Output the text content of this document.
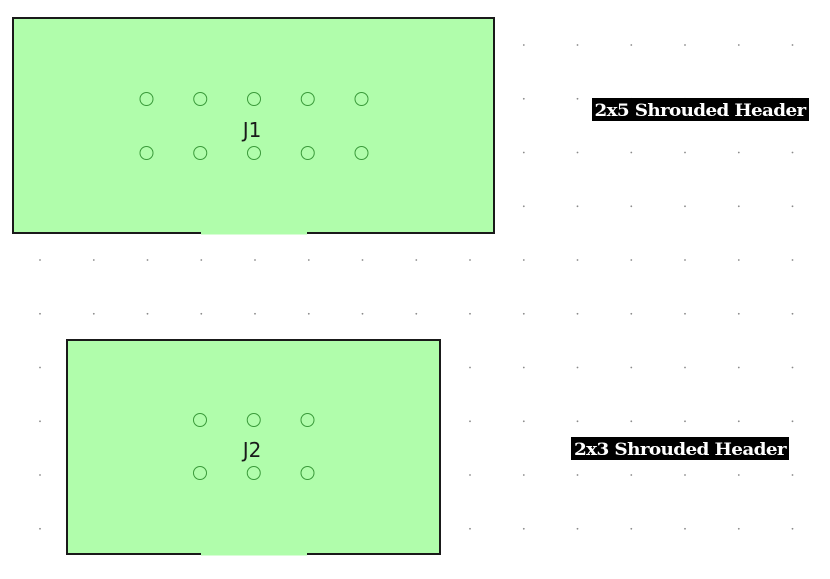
J1
2x5 Shrouded Header
J2	2x3 Shrouded Header
